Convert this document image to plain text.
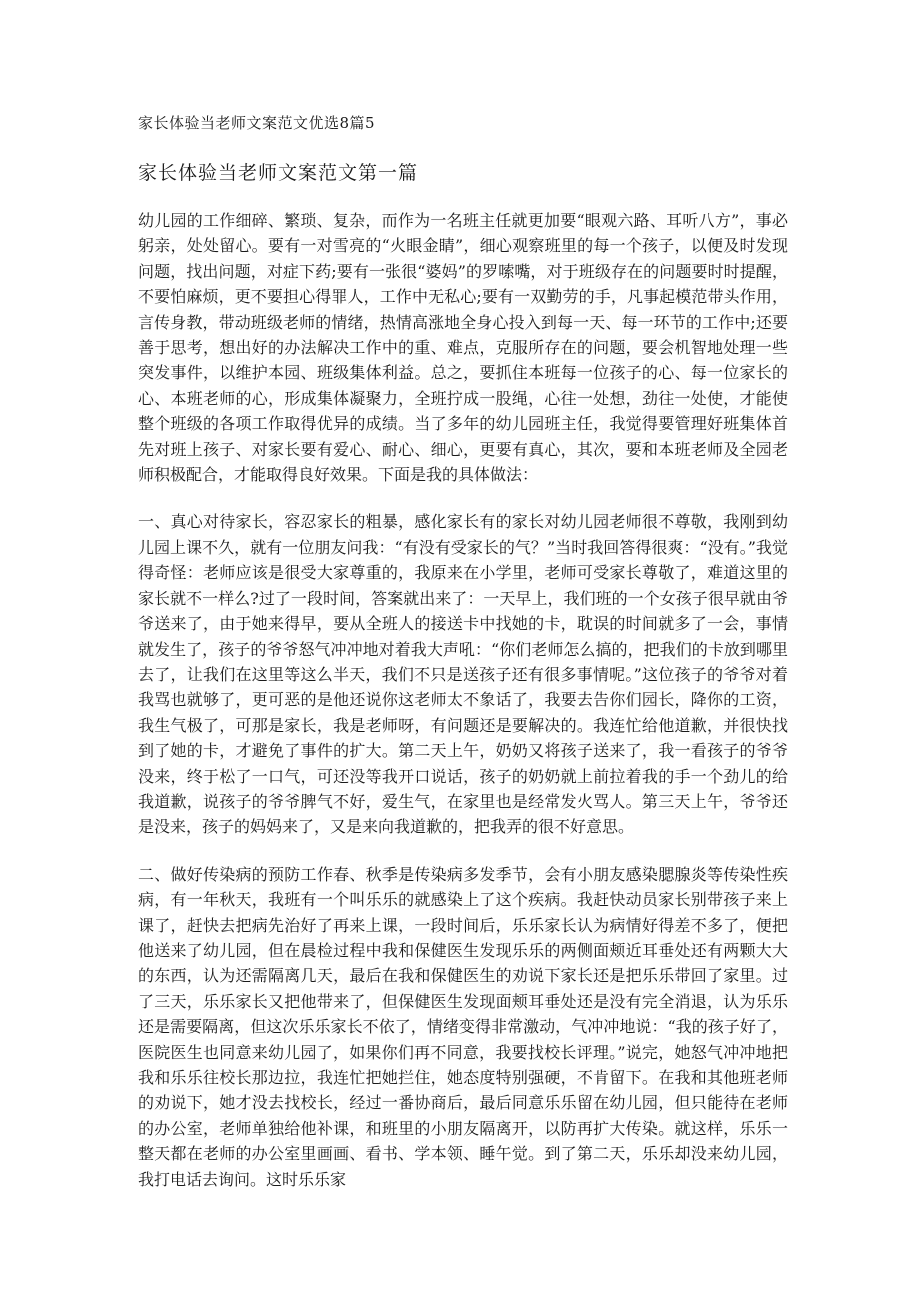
家长体验当老师文案范文优选8篇5
家长体验当老师文案范文第一篇

幼儿园的工作细碎、繁琐、复杂，而作为一名班主任就更加要“眼观六路、耳听八方”，事必躬亲，处处留心。要有一对雪亮的“火眼金睛”，细心观察班里的每一个孩子，以便及时发现问题，找出问题，对症下药;要有一张很“婆妈”的罗嗦嘴，对于班级存在的问题要时时提醒，不要怕麻烦，更不要担心得罪人，工作中无私心;要有一双勤劳的手，凡事起模范带头作用，言传身教，带动班级老师的情绪，热情高涨地全身心投入到每一天、每一环节的工作中;还要善于思考，想出好的办法解决工作中的重、难点，克服所存在的问题，要会机智地处理一些突发事件，以维护本园、班级集体利益。总之，要抓住本班每一位孩子的心、每一位家长的心、本班老师的心，形成集体凝聚力，全班拧成一股绳，心往一处想，劲往一处使，才能使整个班级的各项工作取得优异的成绩。当了多年的幼儿园班主任，我觉得要管理好班集体首先对班上孩子、对家长要有爱心、耐心、细心，更要有真心，其次，要和本班老师及全园老师积极配合，才能取得良好效果。下面是我的具体做法：

一、真心对待家长，容忍家长的粗暴，感化家长有的家长对幼儿园老师很不尊敬，我刚到幼儿园上课不久，就有一位朋友问我：“有没有受家长的气？”当时我回答得很爽：“没有。”我觉得奇怪：老师应该是很受大家尊重的，我原来在小学里，老师可受家长尊敬了，难道这里的家长就不一样么?过了一段时间，答案就出来了：一天早上，我们班的一个女孩子很早就由爷爷送来了，由于她来得早，要从全班人的接送卡中找她的卡，耽误的时间就多了一会，事情就发生了，孩子的爷爷怒气冲冲地对着我大声吼：“你们老师怎么搞的，把我们的卡放到哪里去了，让我们在这里等这么半天，我们不只是送孩子还有很多事情呢。”这位孩子的爷爷对着我骂也就够了，更可恶的是他还说你这老师太不象话了，我要去告你们园长，降你的工资，我生气极了，可那是家长，我是老师呀，有问题还是要解决的。我连忙给他道歉，并很快找到了她的卡，才避免了事件的扩大。第二天上午，奶奶又将孩子送来了，我一看孩子的爷爷没来，终于松了一口气，可还没等我开口说话，孩子的奶奶就上前拉着我的手一个劲儿的给我道歉，说孩子的爷爷脾气不好，爱生气，在家里也是经常发火骂人。第三天上午，爷爷还是没来，孩子的妈妈来了，又是来向我道歉的，把我弄的很不好意思。

二、做好传染病的预防工作春、秋季是传染病多发季节，会有小朋友感染腮腺炎等传染性疾病，有一年秋天，我班有一个叫乐乐的就感染上了这个疾病。我赶快动员家长别带孩子来上课了，赶快去把病先治好了再来上课，一段时间后，乐乐家长认为病情好得差不多了，便把他送来了幼儿园，但在晨检过程中我和保健医生发现乐乐的两侧面颊近耳垂处还有两颗大大的东西，认为还需隔离几天，最后在我和保健医生的劝说下家长还是把乐乐带回了家里。过了三天，乐乐家长又把他带来了，但保健医生发现面颊耳垂处还是没有完全消退，认为乐乐还是需要隔离，但这次乐乐家长不依了，情绪变得非常激动，气冲冲地说：“我的孩子好了，医院医生也同意来幼儿园了，如果你们再不同意，我要找校长评理。”说完，她怒气冲冲地把我和乐乐往校长那边拉，我连忙把她拦住，她态度特别强硬，不肯留下。在我和其他班老师的劝说下，她才没去找校长，经过一番协商后，最后同意乐乐留在幼儿园，但只能待在老师的办公室，老师单独给他补课，和班里的小朋友隔离开，以防再扩大传染。就这样，乐乐一整天都在老师的办公室里画画、看书、学本领、睡午觉。到了第二天，乐乐却没来幼儿园，我打电话去询问。这时乐乐家
